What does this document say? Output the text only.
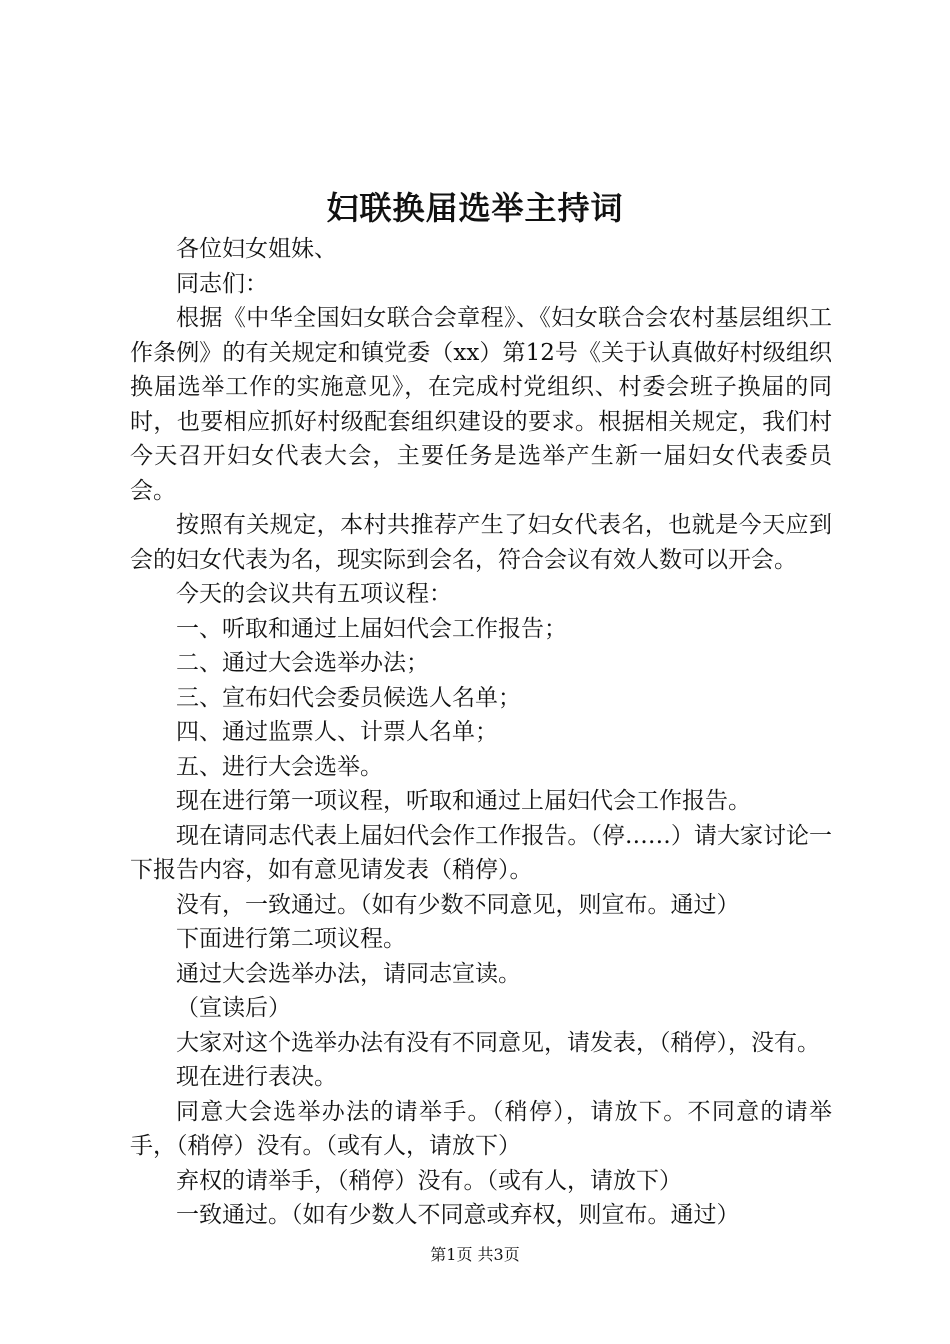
妇联换届选举主持词

各位妇女姐妹、

同志们：

根据《中华全国妇女联合会章程》、《妇女联合会农村基层组织工作条例》的有关规定和镇党委（xx）第12号《关于认真做好村级组织换届选举工作的实施意见》，在完成村党组织、村委会班子换届的同时，也要相应抓好村级配套组织建设的要求。根据相关规定，我们村今天召开妇女代表大会，主要任务是选举产生新一届妇女代表委员会。

按照有关规定，本村共推荐产生了妇女代表名，也就是今天应到会的妇女代表为名，现实际到会名，符合会议有效人数可以开会。

今天的会议共有五项议程：

一、听取和通过上届妇代会工作报告；

二、通过大会选举办法；

三、宣布妇代会委员候选人名单；

四、通过监票人、计票人名单；

五、进行大会选举。

现在进行第一项议程，听取和通过上届妇代会工作报告。

现在请同志代表上届妇代会作工作报告。（停……）请大家讨论一下报告内容，如有意见请发表（稍停）。

没有，一致通过。（如有少数不同意见，则宣布。通过）

下面进行第二项议程。

通过大会选举办法，请同志宣读。

（宣读后）

大家对这个选举办法有没有不同意见，请发表，（稍停），没有。

现在进行表决。

同意大会选举办法的请举手。（稍停），请放下。不同意的请举手，（稍停）没有。（或有人，请放下）

弃权的请举手，（稍停）没有。（或有人，请放下）

一致通过。（如有少数人不同意或弃权，则宣布。通过）

第1页 共3页
